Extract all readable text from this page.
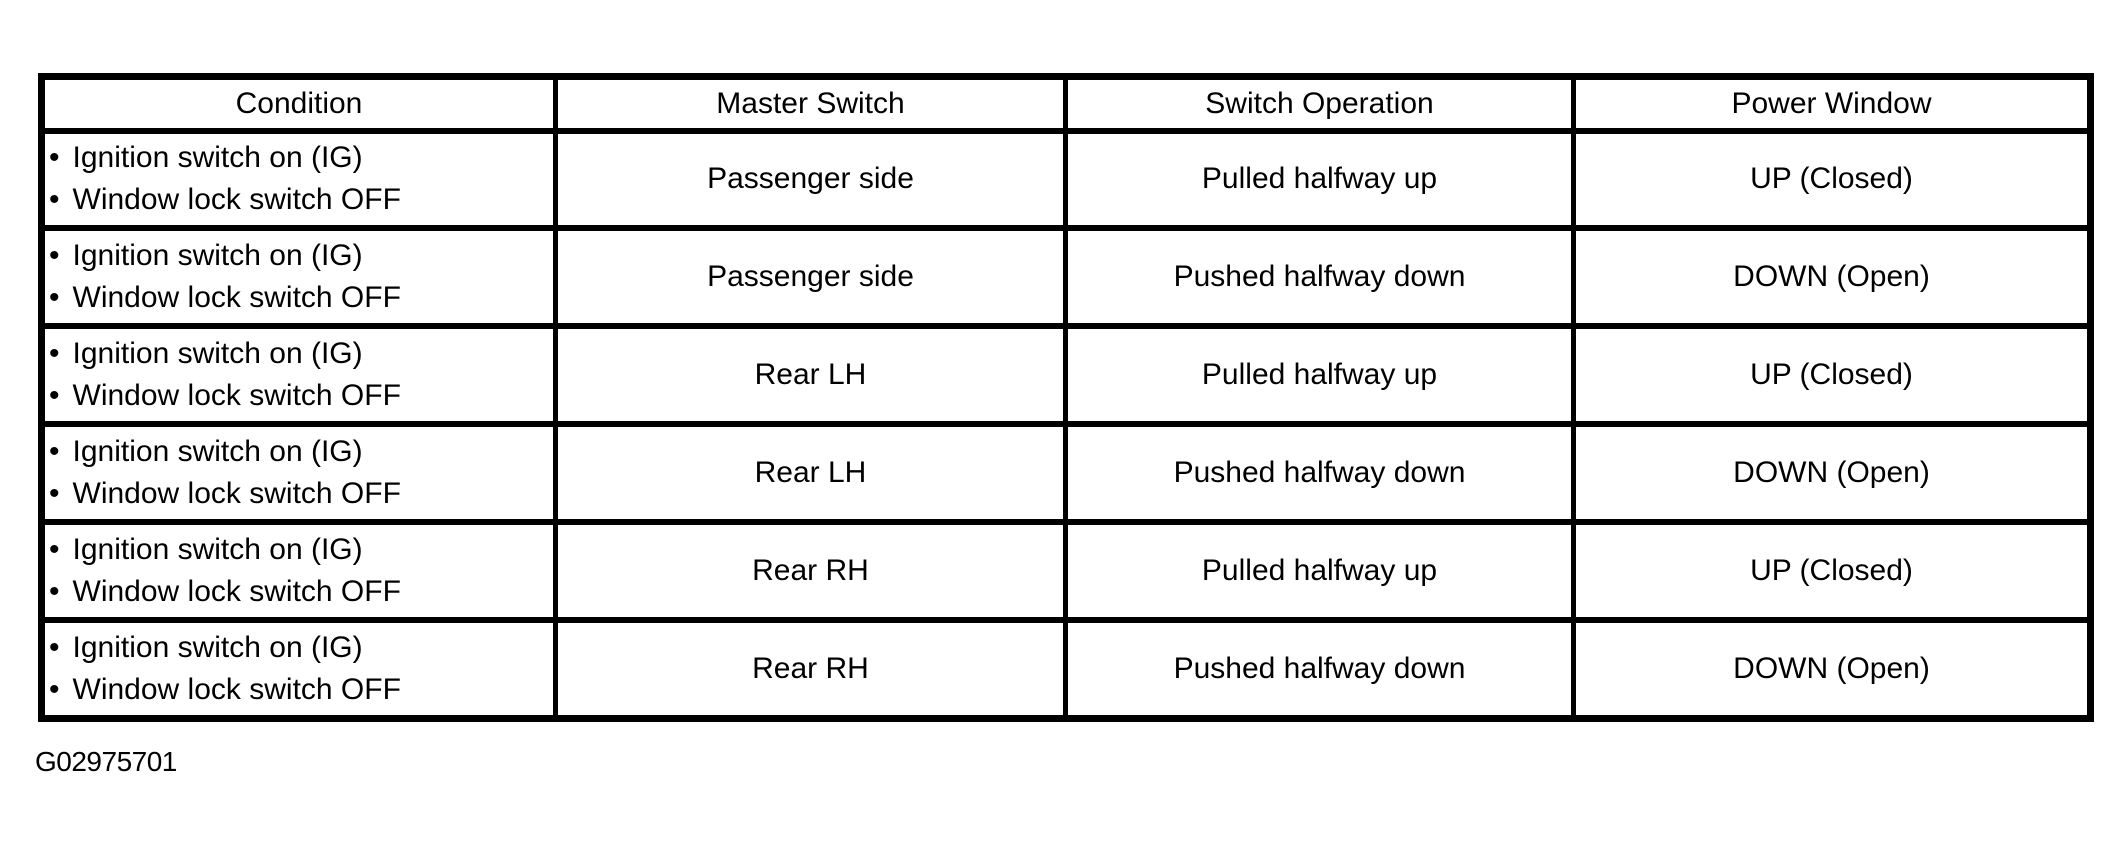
Condition	Master Switch	Switch Operation	Power Window

• Ignition switch on (IG)
• Window lock switch OFF	Passenger side	Pulled halfway up	UP (Closed)

• Ignition switch on (IG)
• Window lock switch OFF	Passenger side	Pushed halfway down	DOWN (Open)

• Ignition switch on (IG)
• Window lock switch OFF	Rear LH	Pulled halfway up	UP (Closed)

• Ignition switch on (IG)
• Window lock switch OFF	Rear LH	Pushed halfway down	DOWN (Open)

• Ignition switch on (IG)
• Window lock switch OFF	Rear RH	Pulled halfway up	UP (Closed)

• Ignition switch on (IG)
• Window lock switch OFF	Rear RH	Pushed halfway down	DOWN (Open)
G02975701
